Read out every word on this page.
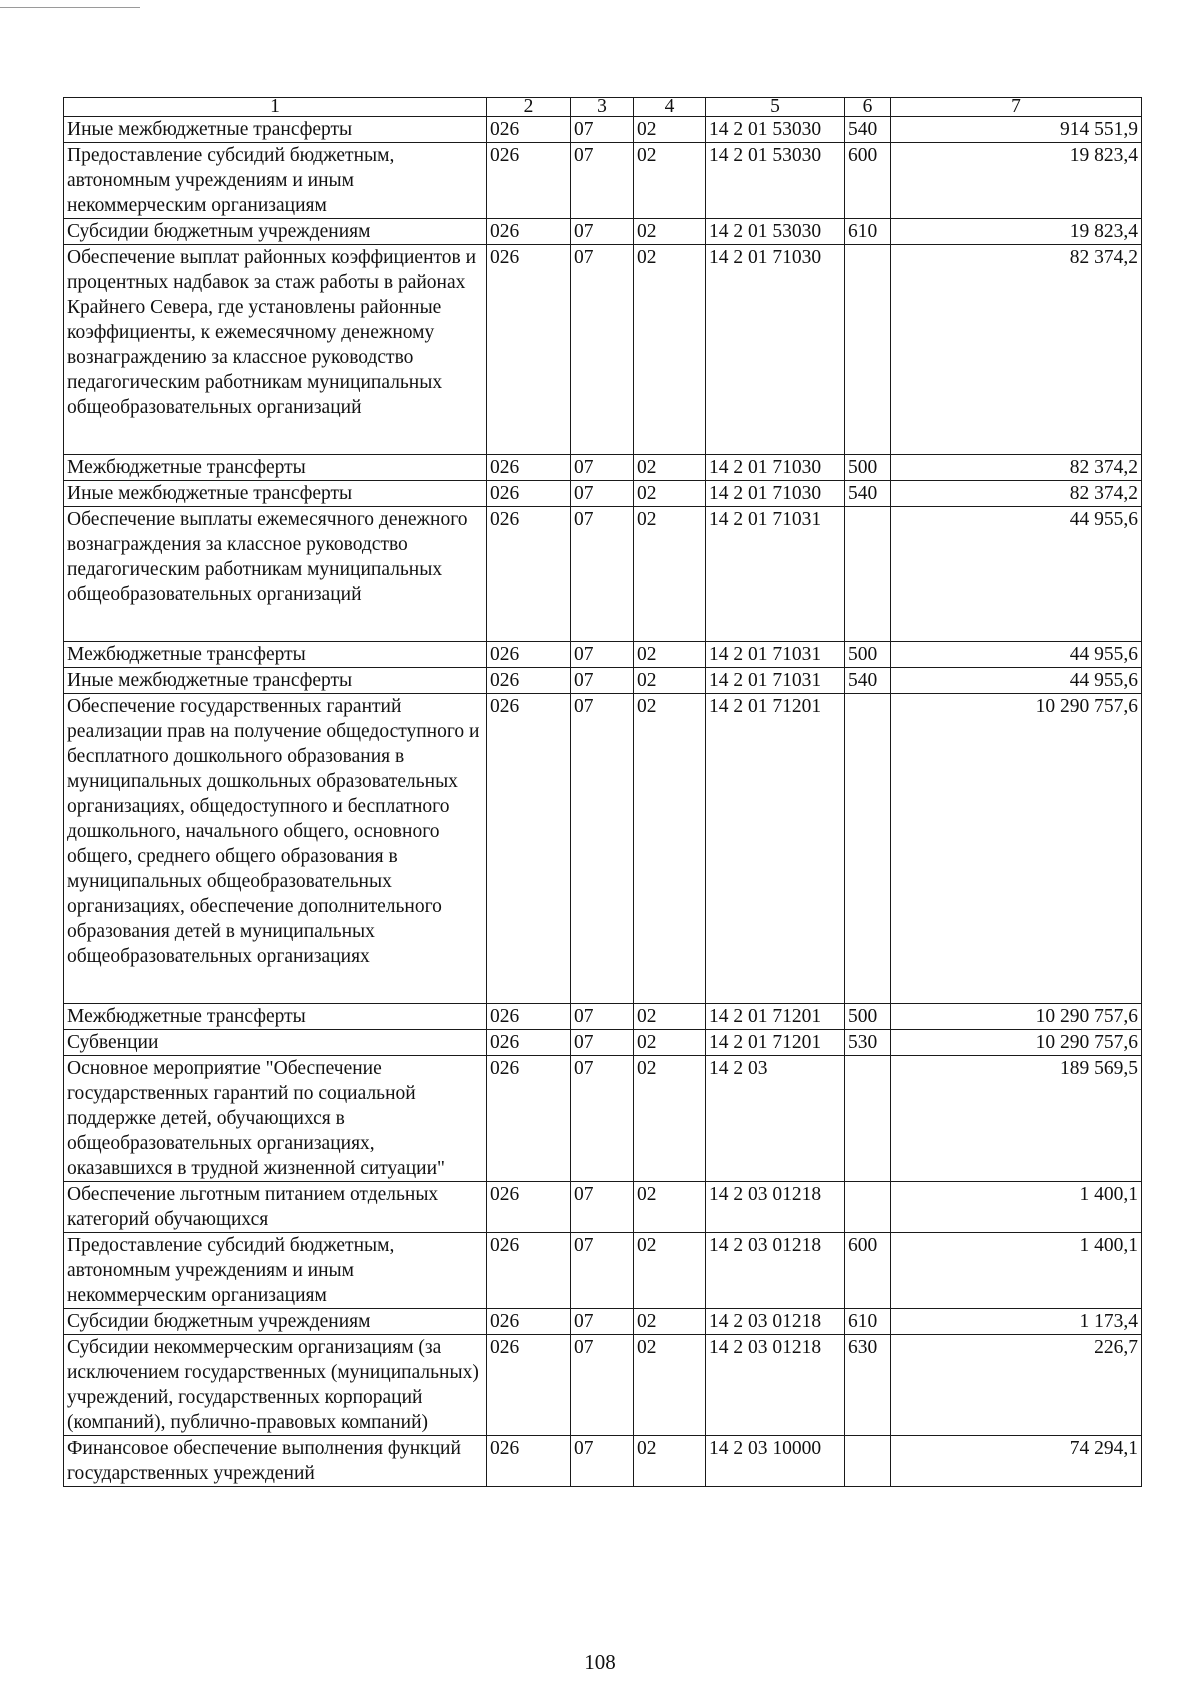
1	2	3	4	5	6	7
Иные межбюджетные трансферты	026	07	02	14 2 01 53030	540	914 551,9
Предоставление субсидий бюджетным, автономным учреждениям и иным некоммерческим организациям	026	07	02	14 2 01 53030	600	19 823,4
Субсидии бюджетным учреждениям	026	07	02	14 2 01 53030	610	19 823,4
Обеспечение выплат районных коэффициентов и процентных надбавок за стаж работы в районах Крайнего Севера, где установлены районные коэффициенты, к ежемесячному денежному вознаграждению за классное руководство педагогическим работникам муниципальных общеобразовательных организаций	026	07	02	14 2 01 71030		82 374,2
Межбюджетные трансферты	026	07	02	14 2 01 71030	500	82 374,2
Иные межбюджетные трансферты	026	07	02	14 2 01 71030	540	82 374,2
Обеспечение выплаты ежемесячного денежного вознаграждения за классное руководство педагогическим работникам муниципальных общеобразовательных организаций	026	07	02	14 2 01 71031		44 955,6
Межбюджетные трансферты	026	07	02	14 2 01 71031	500	44 955,6
Иные межбюджетные трансферты	026	07	02	14 2 01 71031	540	44 955,6
Обеспечение государственных гарантий реализации прав на получение общедоступного и бесплатного дошкольного образования в муниципальных дошкольных образовательных организациях, общедоступного и бесплатного дошкольного, начального общего, основного общего, среднего общего образования в муниципальных общеобразовательных организациях, обеспечение дополнительного образования детей в муниципальных общеобразовательных организациях	026	07	02	14 2 01 71201		10 290 757,6
Межбюджетные трансферты	026	07	02	14 2 01 71201	500	10 290 757,6
Субвенции	026	07	02	14 2 01 71201	530	10 290 757,6
Основное мероприятие "Обеспечение государственных гарантий по социальной поддержке детей, обучающихся в общеобразовательных организациях, оказавшихся в трудной жизненной ситуации"	026	07	02	14 2 03		189 569,5
Обеспечение льготным питанием отдельных категорий обучающихся	026	07	02	14 2 03 01218		1 400,1
Предоставление субсидий бюджетным, автономным учреждениям и иным некоммерческим организациям	026	07	02	14 2 03 01218	600	1 400,1
Субсидии бюджетным учреждениям	026	07	02	14 2 03 01218	610	1 173,4
Субсидии некоммерческим организациям (за исключением государственных (муниципальных) учреждений, государственных корпораций (компаний), публично-правовых компаний)	026	07	02	14 2 03 01218	630	226,7
Финансовое обеспечение выполнения функций государственных учреждений	026	07	02	14 2 03 10000		74 294,1
108
